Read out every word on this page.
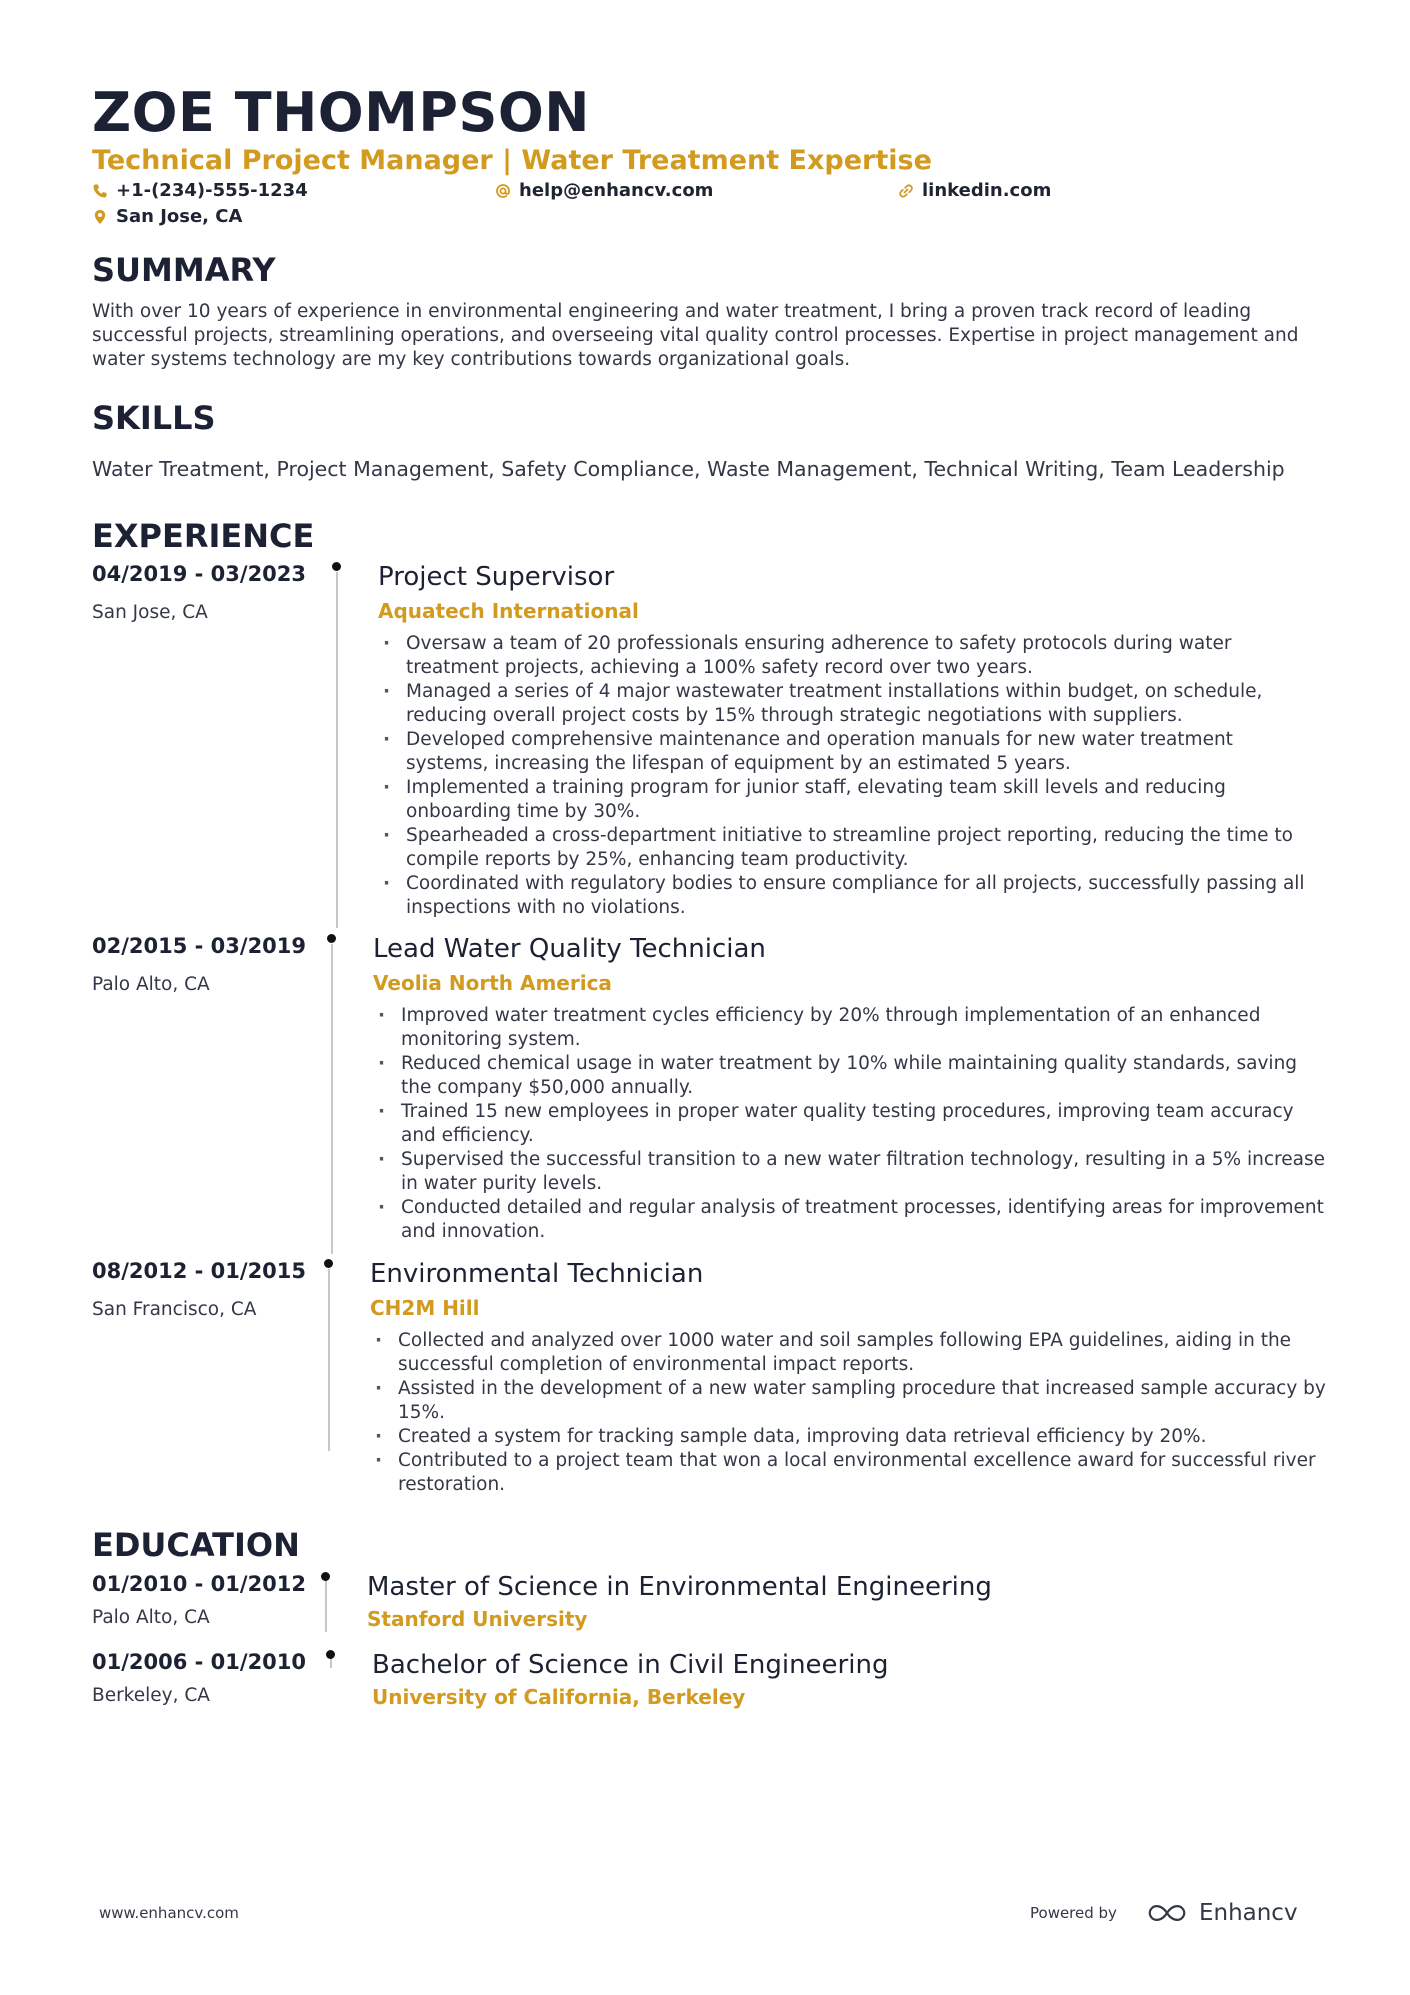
ZOE THOMPSON
Technical Project Manager | Water Treatment Expertise
+1-(234)-555-1234	help@enhancv.com	linkedin.com
San Jose, CA
SUMMARY
With over 10 years of experience in environmental engineering and water treatment, I bring a proven track record of leading successful projects, streamlining operations, and overseeing vital quality control processes. Expertise in project management and water systems technology are my key contributions towards organizational goals.
SKILLS
Water Treatment, Project Management, Safety Compliance, Waste Management, Technical Writing, Team Leadership
EXPERIENCE
04/2019 - 03/2023
San Jose, CA
Project Supervisor
Aquatech International
· Oversaw a team of 20 professionals ensuring adherence to safety protocols during water treatment projects, achieving a 100% safety record over two years.
· Managed a series of 4 major wastewater treatment installations within budget, on schedule, reducing overall project costs by 15% through strategic negotiations with suppliers.
· Developed comprehensive maintenance and operation manuals for new water treatment systems, increasing the lifespan of equipment by an estimated 5 years.
· Implemented a training program for junior staff, elevating team skill levels and reducing onboarding time by 30%.
· Spearheaded a cross-department initiative to streamline project reporting, reducing the time to compile reports by 25%, enhancing team productivity.
· Coordinated with regulatory bodies to ensure compliance for all projects, successfully passing all inspections with no violations.
02/2015 - 03/2019
Palo Alto, CA
Lead Water Quality Technician
Veolia North America
· Improved water treatment cycles efficiency by 20% through implementation of an enhanced monitoring system.
· Reduced chemical usage in water treatment by 10% while maintaining quality standards, saving the company $50,000 annually.
· Trained 15 new employees in proper water quality testing procedures, improving team accuracy and efficiency.
· Supervised the successful transition to a new water filtration technology, resulting in a 5% increase in water purity levels.
· Conducted detailed and regular analysis of treatment processes, identifying areas for improvement and innovation.
08/2012 - 01/2015
San Francisco, CA
Environmental Technician
CH2M Hill
· Collected and analyzed over 1000 water and soil samples following EPA guidelines, aiding in the successful completion of environmental impact reports.
· Assisted in the development of a new water sampling procedure that increased sample accuracy by 15%.
· Created a system for tracking sample data, improving data retrieval efficiency by 20%.
· Contributed to a project team that won a local environmental excellence award for successful river restoration.
EDUCATION
01/2010 - 01/2012
Palo Alto, CA
Master of Science in Environmental Engineering
Stanford University
01/2006 - 01/2010
Berkeley, CA
Bachelor of Science in Civil Engineering
University of California, Berkeley
www.enhancv.com	Powered by	Enhancv
